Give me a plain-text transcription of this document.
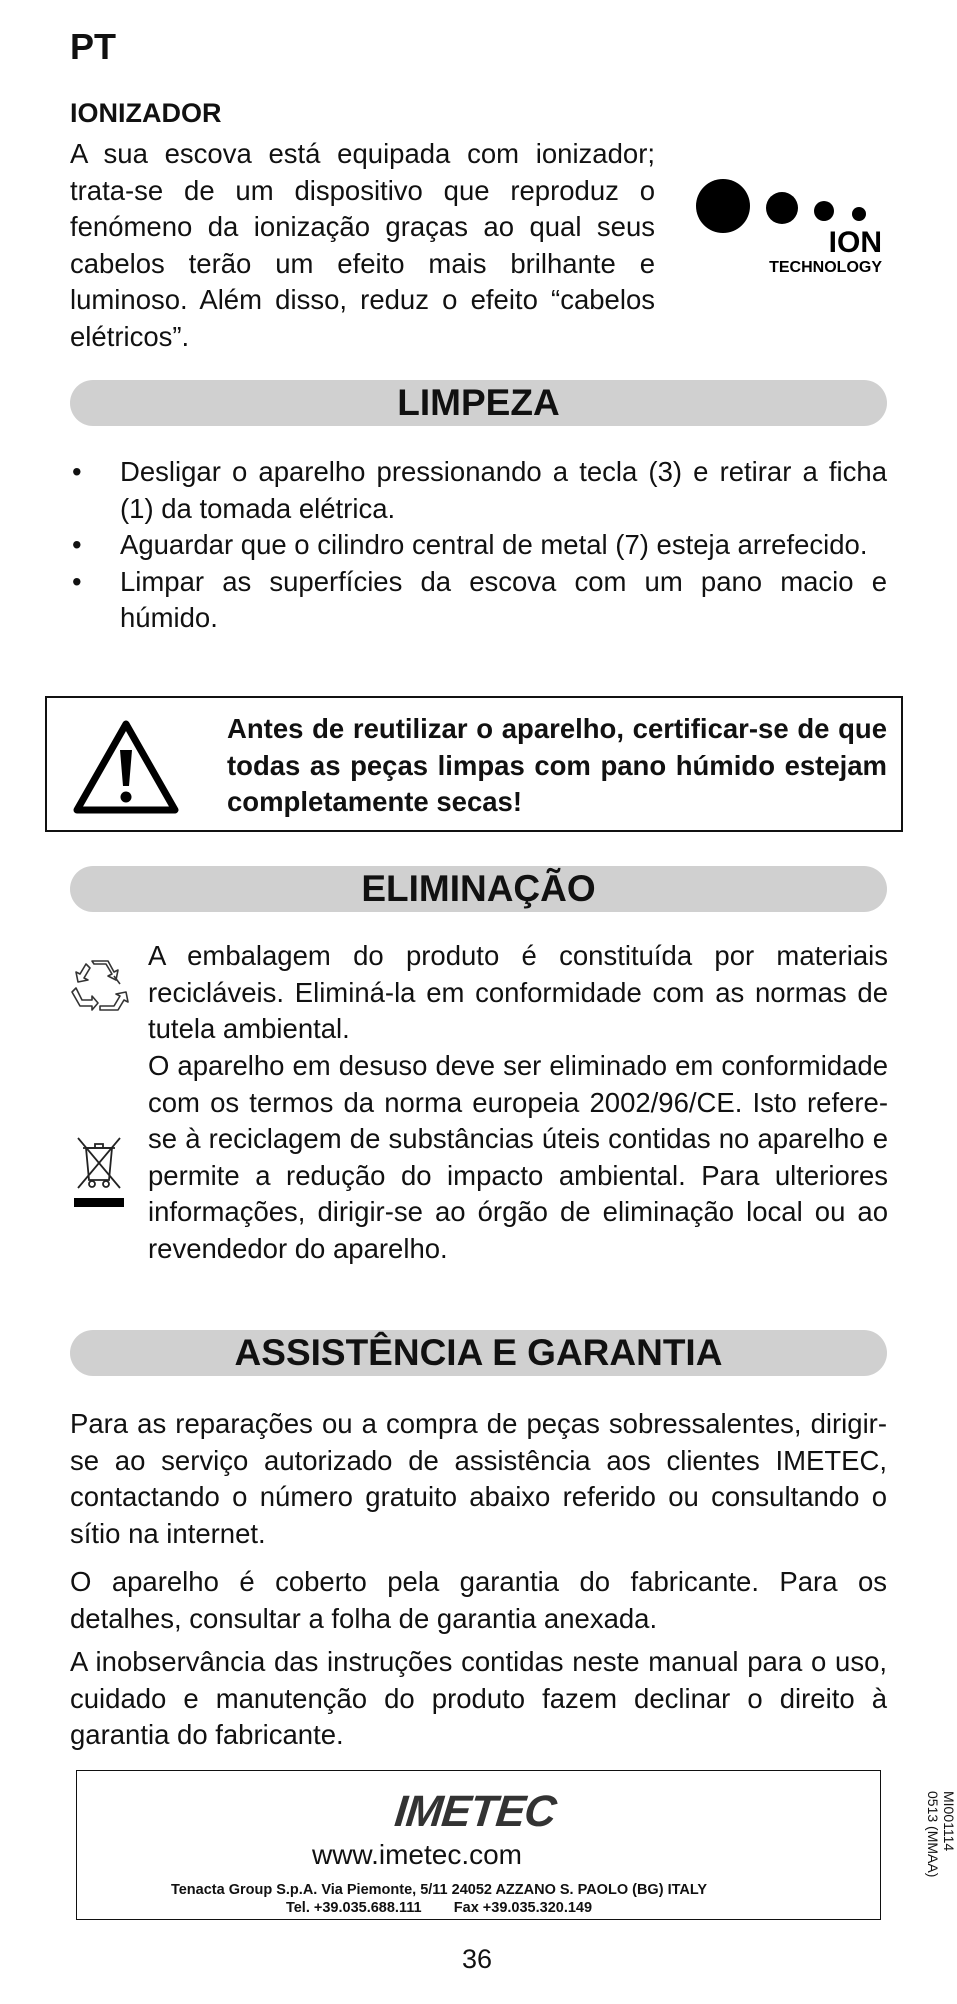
PT
IONIZADOR
A sua escova está equipada com ionizador; trata-se de um dispositivo que reproduz o fenómeno da ionização graças ao qual seus cabelos terão um efeito mais brilhante e luminoso. Além disso, reduz o efeito “cabelos elétricos”.
ION
TECHNOLOGY
LIMPEZA
• Desligar o aparelho pressionando a tecla (3) e retirar a ficha (1) da tomada elétrica.
• Aguardar que o cilindro central de metal (7) esteja arrefecido.
• Limpar as superfícies da escova com um pano macio e húmido.
Antes de reutilizar o aparelho, certificar-se de que todas as peças limpas com pano húmido estejam completamente secas!
ELIMINAÇÃO

A embalagem do produto é constituída por materiais recicláveis. Eliminá-la em conformidade com as normas de tutela ambiental.

O aparelho em desuso deve ser eliminado em conformidade com os termos da norma europeia 2002/96/CE. Isto refere-se à reciclagem de substâncias úteis contidas no aparelho e permite a redução do impacto ambiental. Para ulteriores informações, dirigir-se ao órgão de eliminação local ou ao revendedor do aparelho.

ASSISTÊNCIA E GARANTIA

Para as reparações ou a compra de peças sobressalentes, dirigir-se ao serviço autorizado de assistência aos clientes IMETEC, contactando o número gratuito abaixo referido ou consultando o sítio na internet.

O aparelho é coberto pela garantia do fabricante. Para os detalhes, consultar a folha de garantia anexada.

A inobservância das instruções contidas neste manual para o uso, cuidado e manutenção do produto fazem declinar o direito à garantia do fabricante.

IMETEC
www.imetec.com
Tenacta Group S.p.A. Via Piemonte, 5/11 24052 AZZANO S. PAOLO (BG) ITALY
Tel. +39.035.688.111        Fax +39.035.320.149
MI001114
0513 (MMAA)
36
